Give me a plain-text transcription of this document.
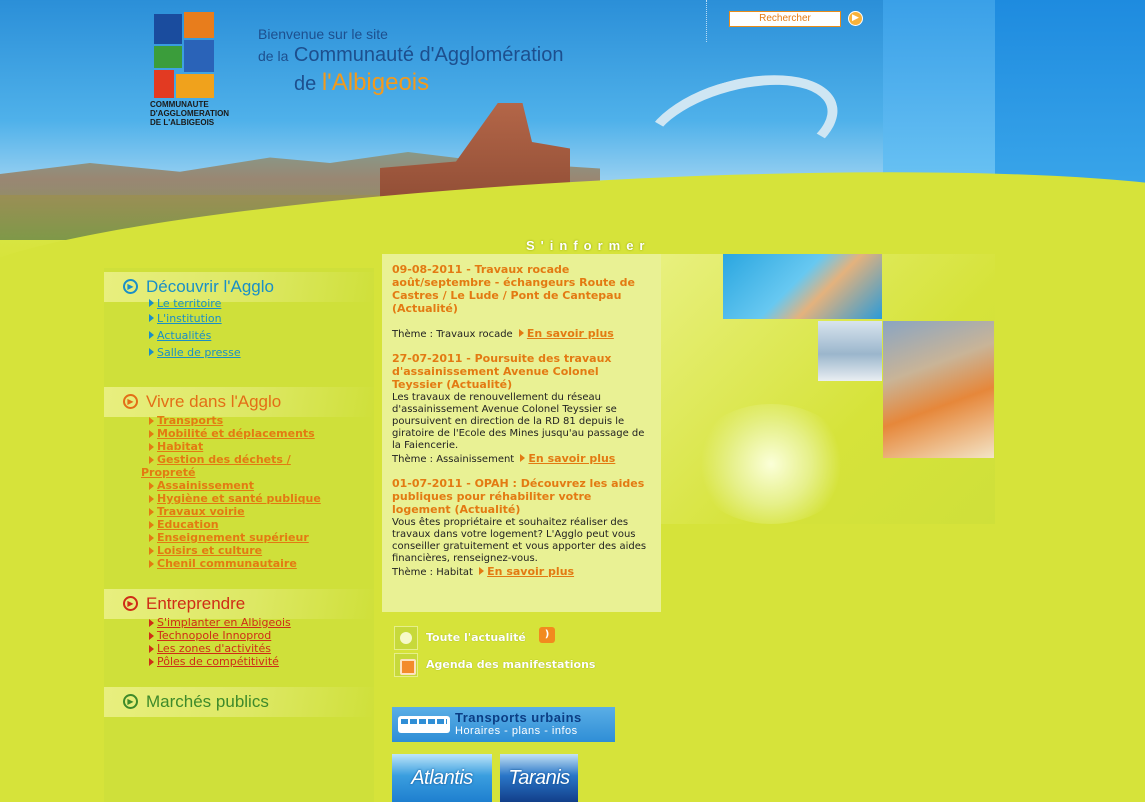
COMMUNAUTE D'AGGLOMERATION DE L'ALBIGEOIS
Bienvenue sur le site
de la Communauté d'Agglomération
de l'Albigeois
Rechercher	▶
S'informer
▶ Découvrir l'Agglo
Le territoire
L'institution
Actualités
Salle de presse
▶ Vivre dans l'Agglo
Transports
Mobilité et déplacements
Habitat
Gestion des déchets /
Propreté
Assainissement
Hygiène et santé publique
Travaux voirie
Education
Enseignement supérieur
Loisirs et culture
Chenil communautaire
▶ Entreprendre
S'implanter en Albigeois
Technopole Innoprod
Les zones d'activités
Pôles de compétitivité
▶ Marchés publics
09-08-2011 - Travaux rocade août/septembre - échangeurs Route de Castres / Le Lude / Pont de Cantepau (Actualité)
Thème : Travaux rocade En savoir plus
27-07-2011 - Poursuite des travaux d'assainissement Avenue Colonel Teyssier (Actualité)
Les travaux de renouvellement du réseau d'assainissement Avenue Colonel Teyssier se poursuivent en direction de la RD 81 depuis le giratoire de l'Ecole des Mines jusqu'au passage de la Faiencerie.
Thème : Assainissement En savoir plus
01-07-2011 - OPAH : Découvrez les aides publiques pour réhabiliter votre logement (Actualité)
Vous êtes propriétaire et souhaitez réaliser des travaux dans votre logement? L'Agglo peut vous conseiller gratuitement et vous apporter des aides financières, renseignez-vous.
Thème : Habitat En savoir plus
Toute l'actualité	)
Agenda des manifestations
Transports urbains
Horaires - plans - infos
Atlantis	Taranis
